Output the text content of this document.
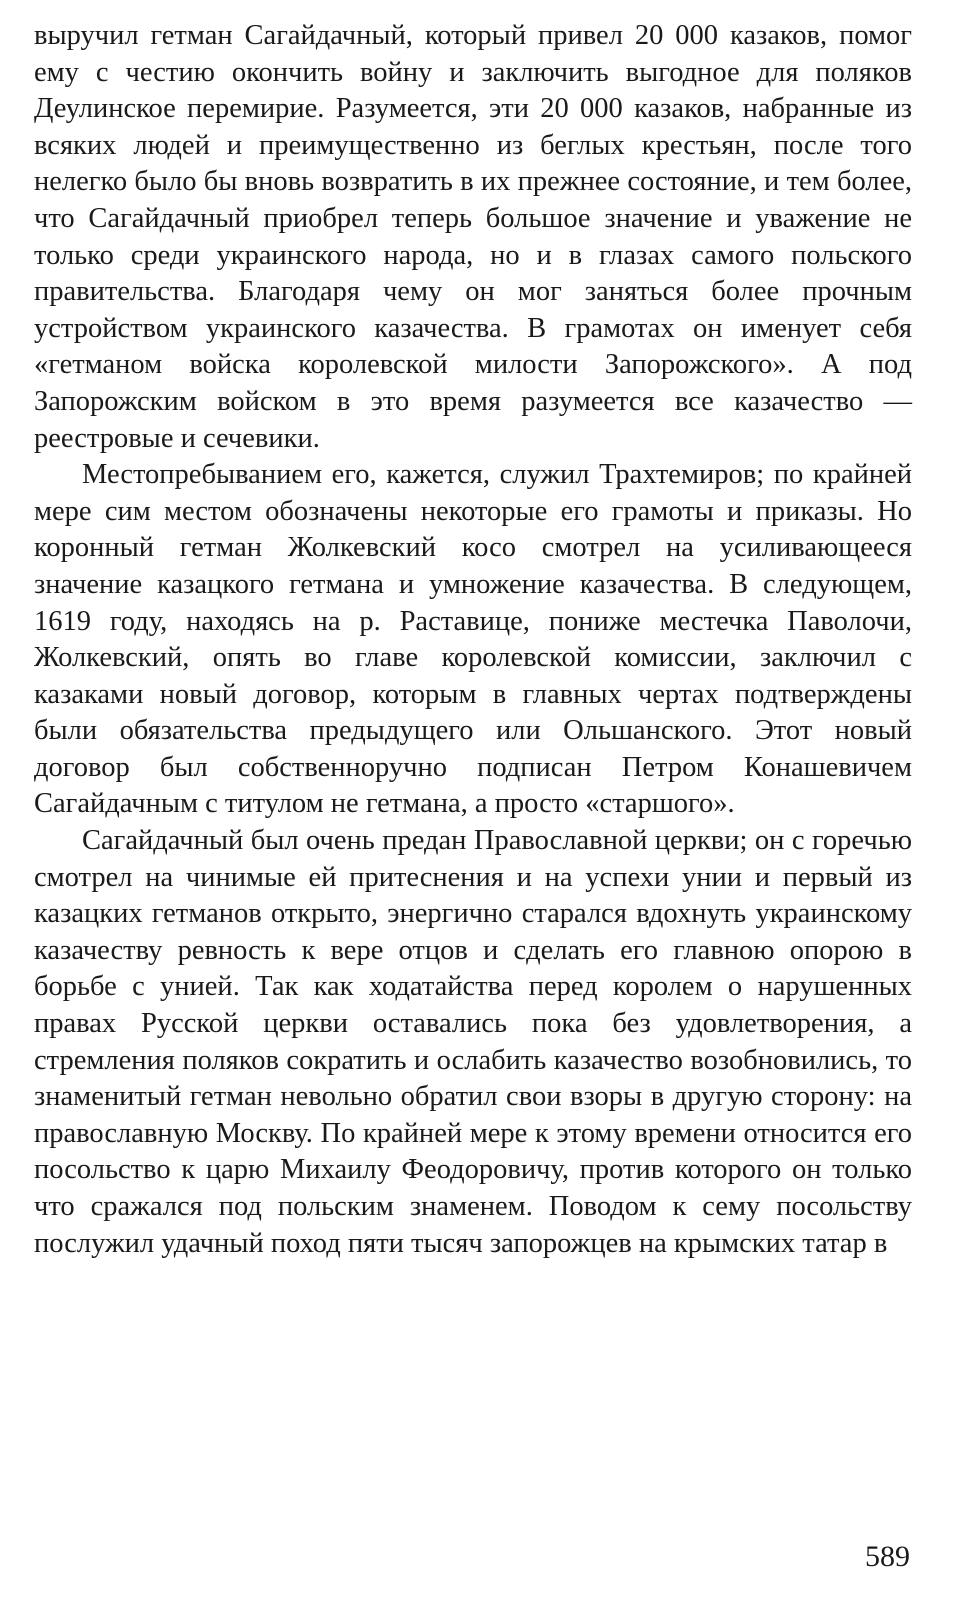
выручил гетман Сагайдачный, который привел 20 000 казаков, помог ему с честию окончить войну и заключить выгодное для поляков Деулинское перемирие. Разумеется, эти 20 000 казаков, набранные из всяких людей и преимущественно из беглых крестьян, после того нелегко было бы вновь возвратить в их прежнее состояние, и тем более, что Сагайдачный приобрел теперь большое значение и уважение не только среди украинского народа, но и в глазах самого польского правительства. Благодаря чему он мог заняться более прочным устройством украинского казачества. В грамотах он именует себя «гетманом войска королевской милости Запорожского». А под Запорожским войском в это время разумеется все казачество — реестровые и сечевики.

Местопребыванием его, кажется, служил Трахтемиров; по крайней мере сим местом обозначены некоторые его грамоты и приказы. Но коронный гетман Жолкевский косо смотрел на усиливающееся значение казацкого гетмана и умножение казачества. В следующем, 1619 году, находясь на р. Раставице, пониже местечка Паволочи, Жолкевский, опять во главе королевской комиссии, заключил с казаками новый договор, которым в главных чертах подтверждены были обязательства предыдущего или Ольшанского. Этот новый договор был собственноручно подписан Петром Конашевичем Сагайдачным с титулом не гетмана, а просто «старшого».

Сагайдачный был очень предан Православной церкви; он с горечью смотрел на чинимые ей притеснения и на успехи унии и первый из казацких гетманов открыто, энергично старался вдохнуть украинскому казачеству ревность к вере отцов и сделать его главною опорою в борьбе с унией. Так как ходатайства перед королем о нарушенных правах Русской церкви оставались пока без удовлетворения, а стремления поляков сократить и ослабить казачество возобновились, то знаменитый гетман невольно обратил свои взоры в другую сторону: на православную Москву. По крайней мере к этому времени относится его посольство к царю Михаилу Феодоровичу, против которого он только что сражался под польским знаменем. Поводом к сему посольству послужил удачный поход пяти тысяч запорожцев на крымских татар в

589
